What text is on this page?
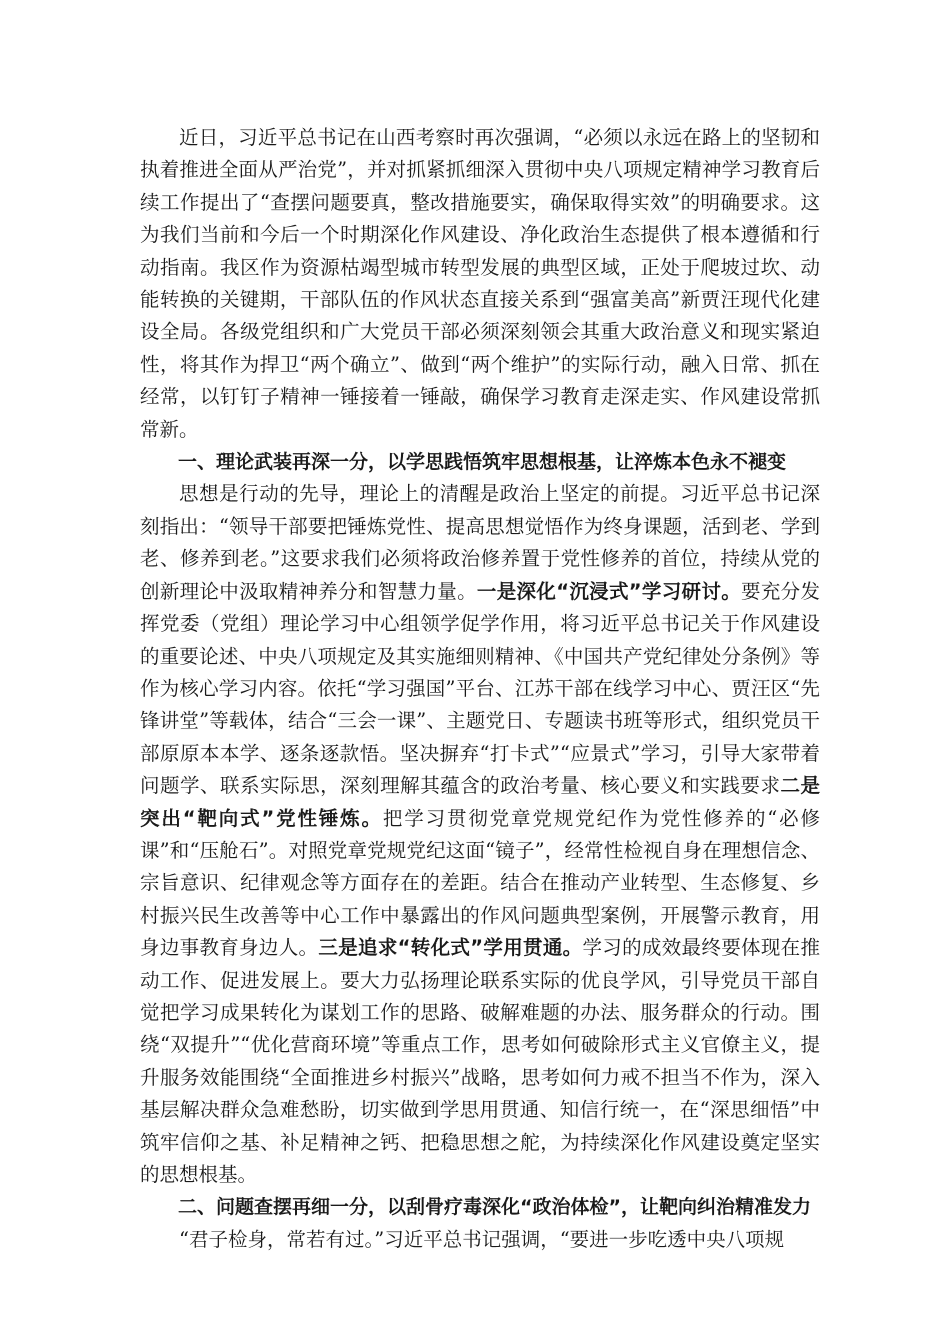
近日，习近平总书记在山西考察时再次强调，“必须以永远在路上的坚韧和执着推进全面从严治党”，并对抓紧抓细深入贯彻中央八项规定精神学习教育后续工作提出了“查摆问题要真，整改措施要实，确保取得实效”的明确要求。这为我们当前和今后一个时期深化作风建设、净化政治生态提供了根本遵循和行动指南。我区作为资源枯竭型城市转型发展的典型区域，正处于爬坡过坎、动能转换的关键期，干部队伍的作风状态直接关系到“强富美高”新贾汪现代化建设全局。各级党组织和广大党员干部必须深刻领会其重大政治意义和现实紧迫性，将其作为捍卫“两个确立”、做到“两个维护”的实际行动，融入日常、抓在经常，以钉钉子精神一锤接着一锤敲，确保学习教育走深走实、作风建设常抓常新。

一、理论武装再深一分，以学思践悟筑牢思想根基，让淬炼本色永不褪变

思想是行动的先导，理论上的清醒是政治上坚定的前提。习近平总书记深刻指出：“领导干部要把锤炼党性、提高思想觉悟作为终身课题，活到老、学到老、修养到老。”这要求我们必须将政治修养置于党性修养的首位，持续从党的创新理论中汲取精神养分和智慧力量。一是深化“沉浸式”学习研讨。要充分发挥党委（党组）理论学习中心组领学促学作用，将习近平总书记关于作风建设的重要论述、中央八项规定及其实施细则精神、《中国共产党纪律处分条例》等作为核心学习内容。依托“学习强国”平台、江苏干部在线学习中心、贾汪区“先锋讲堂”等载体，结合“三会一课”、主题党日、专题读书班等形式，组织党员干部原原本本学、逐条逐款悟。坚决摒弃“打卡式”“应景式”学习，引导大家带着问题学、联系实际思，深刻理解其蕴含的政治考量、核心要义和实践要求二是突出“靶向式”党性锤炼。把学习贯彻党章党规党纪作为党性修养的“必修课”和“压舱石”。对照党章党规党纪这面“镜子”，经常性检视自身在理想信念、宗旨意识、纪律观念等方面存在的差距。结合在推动产业转型、生态修复、乡村振兴民生改善等中心工作中暴露出的作风问题典型案例，开展警示教育，用身边事教育身边人。三是追求“转化式”学用贯通。学习的成效最终要体现在推动工作、促进发展上。要大力弘扬理论联系实际的优良学风，引导党员干部自觉把学习成果转化为谋划工作的思路、破解难题的办法、服务群众的行动。围绕“双提升”“优化营商环境”等重点工作，思考如何破除形式主义官僚主义，提升服务效能围绕“全面推进乡村振兴”战略，思考如何力戒不担当不作为，深入基层解决群众急难愁盼，切实做到学思用贯通、知信行统一，在“深思细悟”中筑牢信仰之基、补足精神之钙、把稳思想之舵，为持续深化作风建设奠定坚实的思想根基。

二、问题查摆再细一分，以刮骨疗毒深化“政治体检”，让靶向纠治精准发力

“君子检身，常若有过。”习近平总书记强调，“要进一步吃透中央八项规
